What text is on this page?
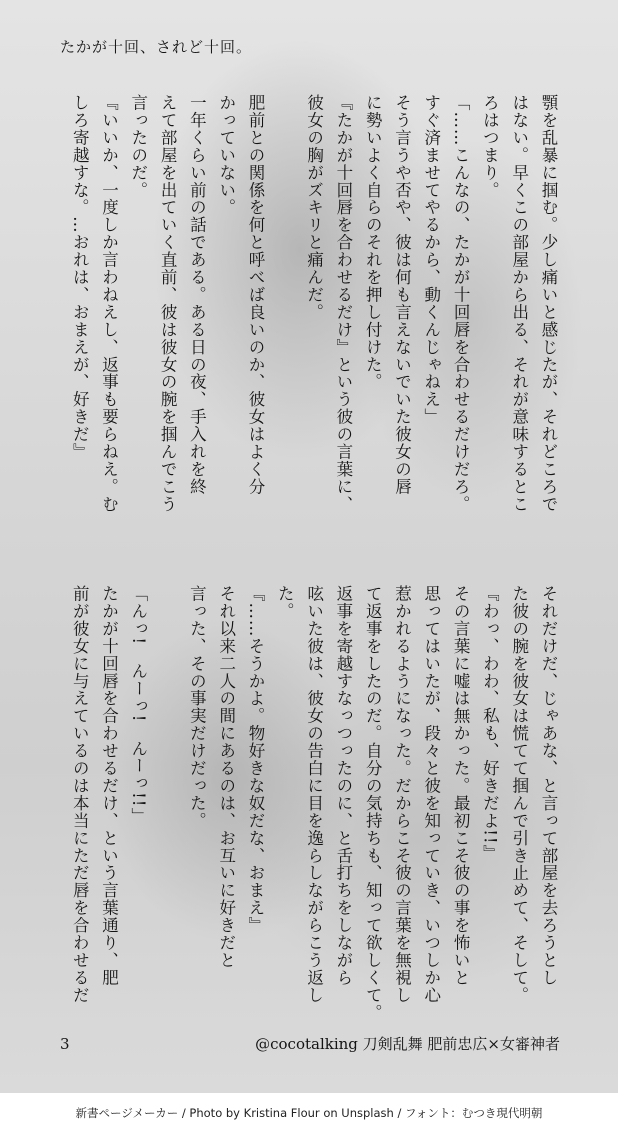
たかが十回、されど十回。
顎を乱暴に掴む。少し痛いと感じたが、それどころで
はない。早くこの部屋から出る、それが意味するとこ
ろはつまり。
「……こんなの、たかが十回唇を合わせるだけだろ。
すぐ済ませてやるから、動くんじゃねえ」
そう言うや否や、彼は何も言えないでいた彼女の唇
に勢いよく自らのそれを押し付けた。
『たかが十回唇を合わせるだけ』という彼の言葉に、
彼女の胸がズキリと痛んだ。
肥前との関係を何と呼べば良いのか、彼女はよく分
かっていない。
一年くらい前の話である。ある日の夜、手入れを終
えて部屋を出ていく直前、彼は彼女の腕を掴んでこう
言ったのだ。
『いいか、一度しか言わねえし、返事も要らねえ。む
しろ寄越すな。…おれは、おまえが、好きだ』
それだけだ、じゃあな、と言って部屋を去ろうとし
た彼の腕を彼女は慌てて掴んで引き止めて、そして。
『わっ、わわ、私も、好きだよ!!』
その言葉に嘘は無かった。最初こそ彼の事を怖いと
思ってはいたが、段々と彼を知っていき、いつしか心
惹かれるようになった。だからこそ彼の言葉を無視し
て返事をしたのだ。自分の気持ちも、知って欲しくて。
返事を寄越すなっつったのに、と舌打ちをしながら
呟いた彼は、彼女の告白に目を逸らしながらこう返し
た。
『……そうかよ。物好きな奴だな、おまえ』
それ以来二人の間にあるのは、お互いに好きだと
言った、その事実だけだった。
「んっ!　んーっ!　んーっ!!」
たかが十回唇を合わせるだけ、という言葉通り、肥
前が彼女に与えているのは本当にただ唇を合わせるだ
3	@cocotalking 刀剣乱舞 肥前忠広×女審神者
新書ページメーカー / Photo by Kristina Flour on Unsplash / フォント：むつき現代明朝
